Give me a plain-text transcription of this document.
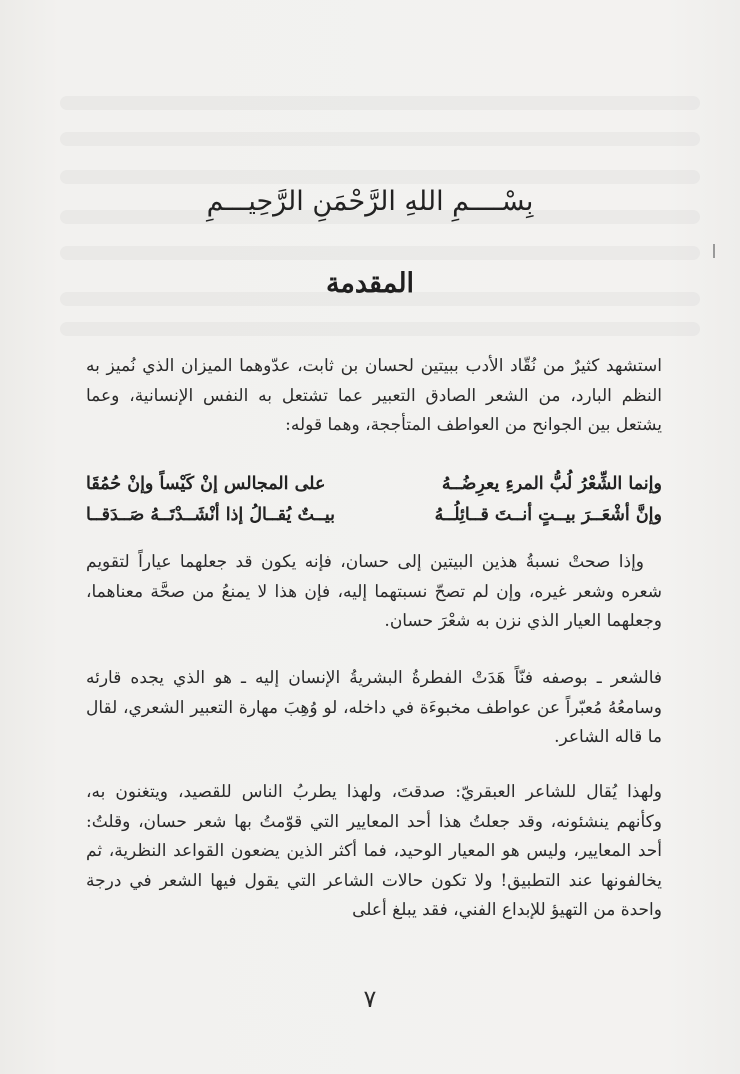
بِسْــــمِ اللهِ الرَّحْمَنِ الرَّحِيـــمِ
المقدمة

استشهد كثيرٌ من نُقّاد الأدب ببيتين لحسان بن ثابت، عدّوهما الميزان الذي نُميز به النظم البارد، من الشعر الصادق التعبير عما تشتعل به النفس الإنسانية، وعما يشتعل بين الجوانح من العواطف المتأججة، وهما قوله:

وإنما الشِّعْرُ لُبُّ المرءِ يعرِضُــهُ
على المجالس إنْ كَيْساً وإنْ حُمُقَا
وإنَّ أشْعَــرَ بيــتٍ أنــتَ قــائِلُــهُ
بيــتٌ يُقــالُ إذا أنْشَــدْتَــهُ صَــدَقــا

وإذا صحتْ نسبةُ هذين البيتين إلى حسان، فإنه يكون قد جعلهما عياراً لتقويم شعره وشعر غيره، وإن لم تصحّ نسبتهما إليه، فإن هذا لا يمنعُ من صحَّة معناهما، وجعلهما العيار الذي نزن به شعْرَ حسان.

فالشعر ـ بوصفه فنّاً هَدَتْ الفطرةُ البشريةُ الإنسان إليه ـ هو الذي يجده قارئه وسامعُهُ مُعبّراً عن عواطف مخبوءَة في داخله، لو وُهِبَ مهارة التعبير الشعري، لقال ما قاله الشاعر.

ولهذا يُقال للشاعر العبقريّ: صدقتَ، ولهذا يطربُ الناس للقصيد، ويتغنون به، وكأنهم ينشئونه، وقد جعلتُ هذا أحد المعايير التي قوّمتُ بها شعر حسان، وقلتُ: أحد المعايير، وليس هو المعيار الوحيد، فما أكثر الذين يضعون القواعد النظرية، ثم يخالفونها عند التطبيق! ولا تكون حالات الشاعر التي يقول فيها الشعر في درجة واحدة من التهيؤ للإبداع الفني، فقد يبلغ أعلى

٧
